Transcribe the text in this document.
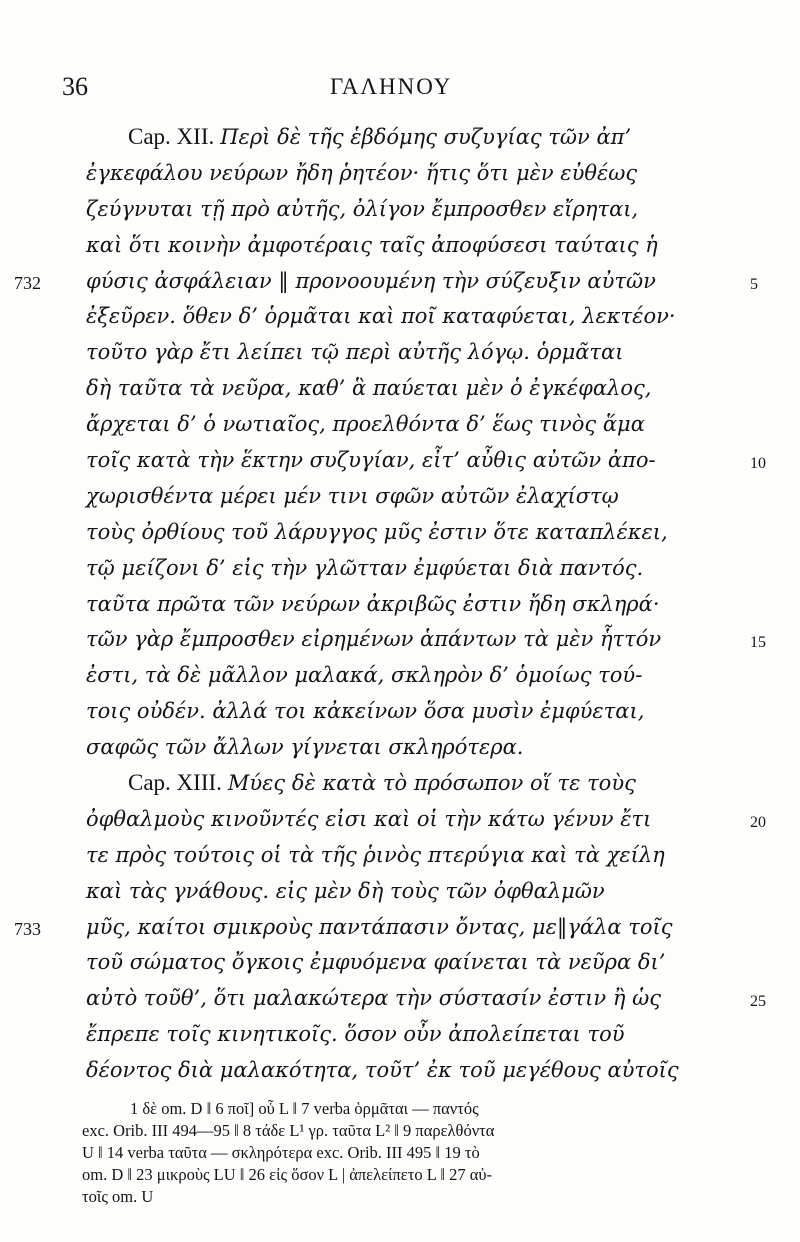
36	ΓΑΛΗΝΟΥ
Cap. XII. Περὶ δὲ τῆς ἑβδόμης συζυγίας τῶν ἀπ’
ἐγκεφάλου νεύρων ἤδη ῥητέον· ἥτις ὅτι μὲν εὐθέως
ζεύγνυται τῇ πρὸ αὐτῆς, ὀλίγον ἔμπροσθεν εἴρηται,
καὶ ὅτι κοινὴν ἀμφοτέραις ταῖς ἀποφύσεσι ταύταις ἡ
732 φύσις ἀσφάλειαν ‖ προνοουμένη τὴν σύζευξιν αὐτῶν	5
ἐξεῦρεν. ὅθεν δ’ ὁρμᾶται καὶ ποῖ καταφύεται, λεκτέον·
τοῦτο γὰρ ἔτι λείπει τῷ περὶ αὐτῆς λόγῳ. ὁρμᾶται
δὴ ταῦτα τὰ νεῦρα, καθ’ ἃ παύεται μὲν ὁ ἐγκέφαλος,
ἄρχεται δ’ ὁ νωτιαῖος, προελθόντα δ’ ἕως τινὸς ἅμα
τοῖς κατὰ τὴν ἕκτην συζυγίαν, εἶτ’ αὖθις αὐτῶν ἀπο-	10
χωρισθέντα μέρει μέν τινι σφῶν αὐτῶν ἐλαχίστῳ
τοὺς ὀρθίους τοῦ λάρυγγος μῦς ἐστιν ὅτε καταπλέκει,
τῷ μείζονι δ’ εἰς τὴν γλῶτταν ἐμφύεται διὰ παντός.
ταῦτα πρῶτα τῶν νεύρων ἀκριβῶς ἐστιν ἤδη σκληρά·
τῶν γὰρ ἔμπροσθεν εἰρημένων ἁπάντων τὰ μὲν ἧττόν	15
ἐστι, τὰ δὲ μᾶλλον μαλακά, σκληρὸν δ’ ὁμοίως τού-
τοις οὐδέν. ἀλλά τοι κἀκείνων ὅσα μυσὶν ἐμφύεται,
σαφῶς τῶν ἄλλων γίγνεται σκληρότερα.
Cap. XIII. Μύες δὲ κατὰ τὸ πρόσωπον οἵ τε τοὺς
ὀφθαλμοὺς κινοῦντές εἰσι καὶ οἱ τὴν κάτω γένυν ἔτι	20
τε πρὸς τούτοις οἱ τὰ τῆς ῥινὸς πτερύγια καὶ τὰ χείλη
καὶ τὰς γνάθους. εἰς μὲν δὴ τοὺς τῶν ὀφθαλμῶν
733 μῦς, καίτοι σμικροὺς παντάπασιν ὄντας, με‖γάλα τοῖς
τοῦ σώματος ὄγκοις ἐμφυόμενα φαίνεται τὰ νεῦρα δι’
αὐτὸ τοῦθ’, ὅτι μαλακώτερα τὴν σύστασίν ἐστιν ἢ ὡς	25
ἔπρεπε τοῖς κινητικοῖς. ὅσον οὖν ἀπολείπεται τοῦ
δέοντος διὰ μαλακότητα, τοῦτ’ ἐκ τοῦ μεγέθους αὐτοῖς
1 δὲ om. D ‖ 6 ποῖ] οὗ L ‖ 7 verba ὁρμᾶται — παντός
exc. Orib. III 494—95 ‖ 8 τάδε L¹ γρ. ταῦτα L² ‖ 9 παρελθόντα
U ‖ 14 verba ταῦτα — σκληρότερα exc. Orib. III 495 ‖ 19 τὸ
om. D ‖ 23 μικροὺς LU ‖ 26 εἰς ὅσον L | ἀπελείπετο L ‖ 27 αὐ-
τοῖς om. U
